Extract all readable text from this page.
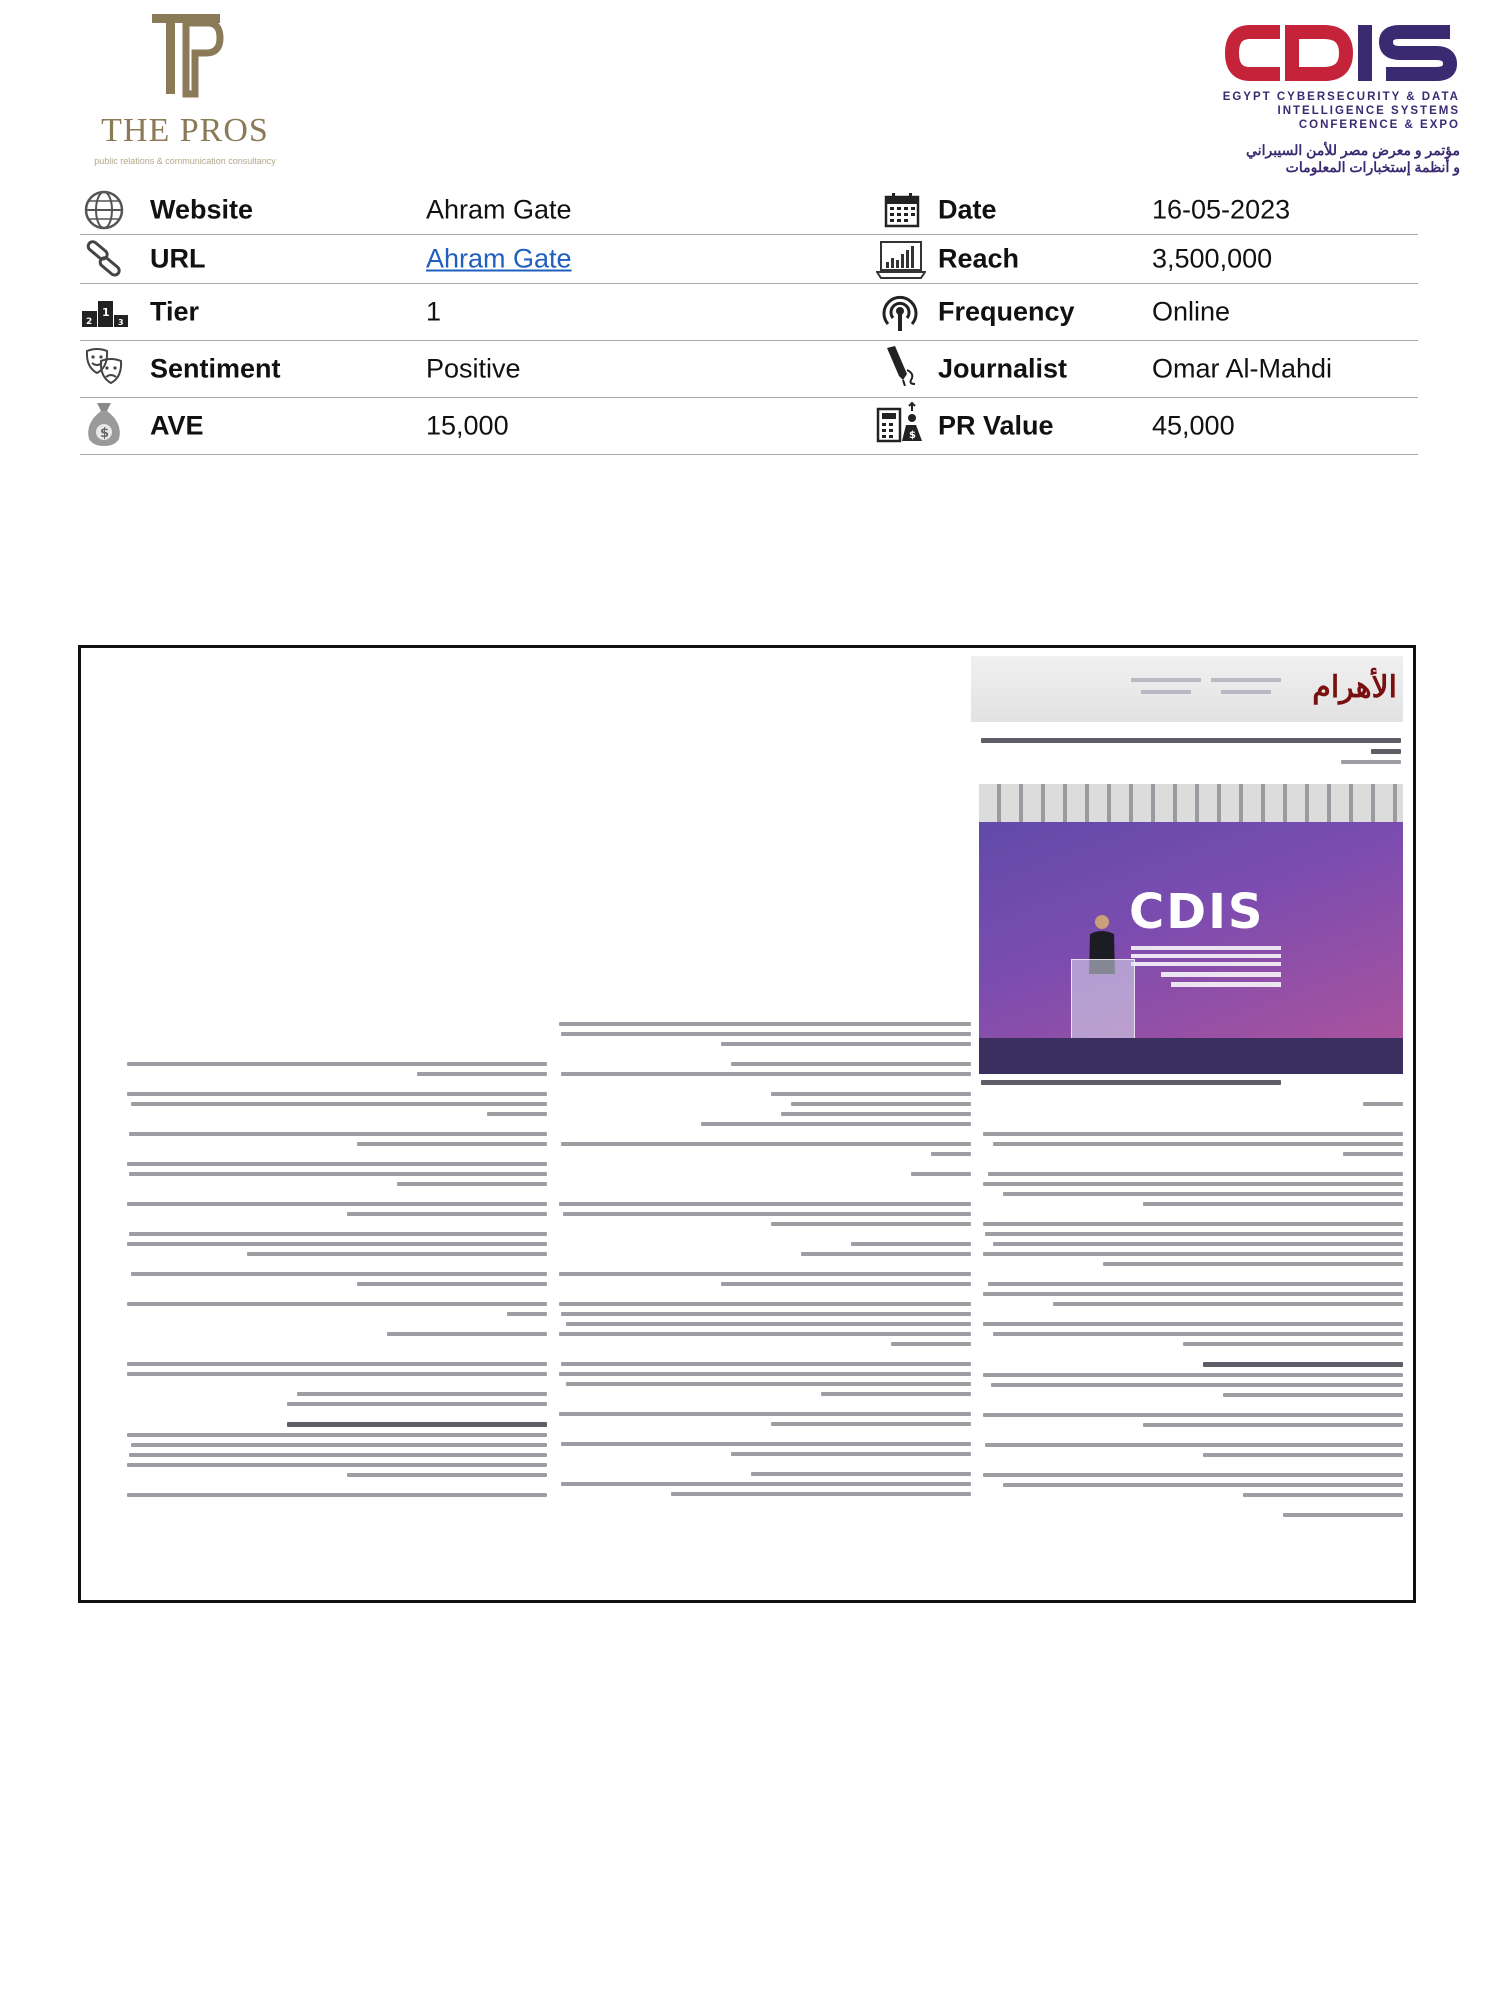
THE PROS
public relations & communication consultancy
EGYPT CYBERSECURITY & DATA
INTELLIGENCE SYSTEMS
CONFERENCE & EXPO
مؤتمر و معرض مصر للأمن السيبراني
و أنظمة إستخبارات المعلومات
Website	Ahram Gate	Date	16-05-2023
URL	Ahram Gate	Reach	3,500,000
2
1
3 Tier	1	Frequency	Online
Sentiment	Positive	Journalist	Omar Al-Mahdi
$ AVE	15,000	$ PR Value	45,000
الأهرام
CDIS
